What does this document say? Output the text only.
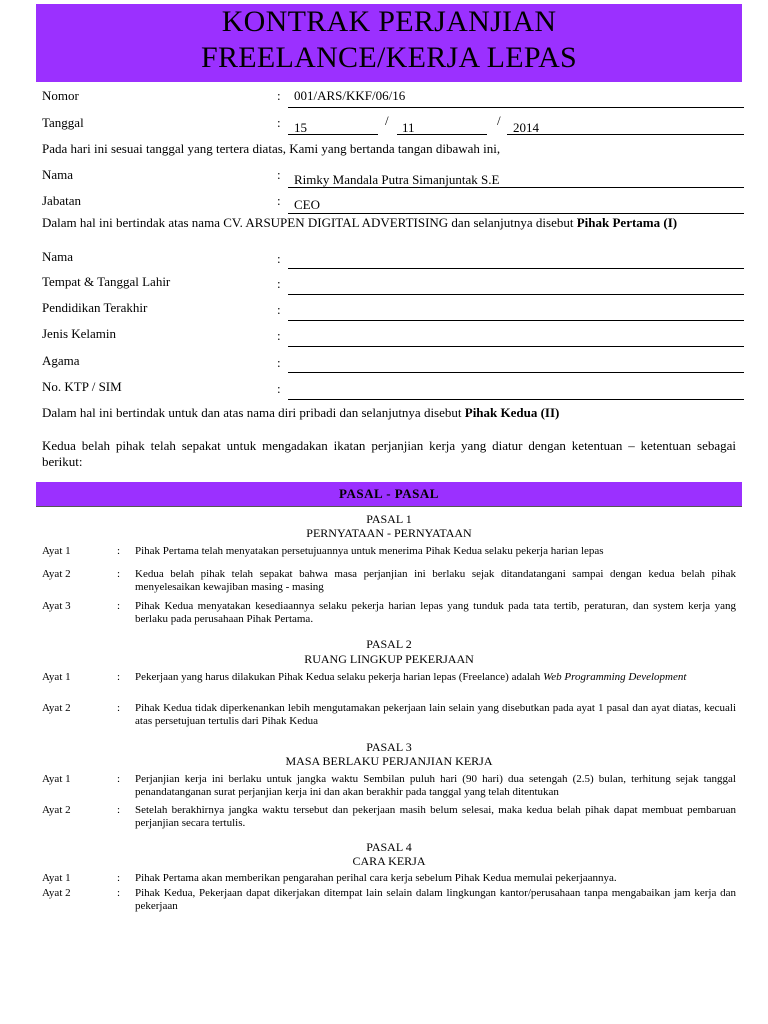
KONTRAK PERJANJIAN
FREELANCE/KERJA LEPAS
Nomor	: 001/ARS/KKF/06/16
Tanggal	: 15	/ 11	/ 2014
Pada hari ini sesuai tanggal yang tertera diatas, Kami yang bertanda tangan dibawah ini,
Nama	: Rimky Mandala Putra Simanjuntak S.E
Jabatan	: CEO
Dalam hal ini bertindak atas nama CV. ARSUPEN DIGITAL ADVERTISING dan selanjutnya disebut Pihak Pertama (I)
Nama	:
Tempat & Tanggal Lahir	:
Pendidikan Terakhir	:
Jenis Kelamin	:
Agama	:
No. KTP / SIM	:
Dalam hal ini bertindak untuk dan atas nama diri pribadi dan selanjutnya disebut Pihak Kedua (II)
Kedua belah pihak telah sepakat untuk mengadakan ikatan perjanjian kerja yang diatur dengan ketentuan – ketentuan sebagai berikut:
PASAL - PASAL
PASAL 1
PERNYATAAN - PERNYATAAN
Ayat 1	: Pihak Pertama telah menyatakan persetujuannya untuk menerima Pihak Kedua selaku pekerja harian lepas
Ayat 2	: Kedua belah pihak telah sepakat bahwa masa perjanjian ini berlaku sejak ditandatangani sampai dengan kedua belah pihak menyelesaikan kewajiban masing - masing
Ayat 3	: Pihak Kedua menyatakan kesediaannya selaku pekerja harian lepas yang tunduk pada tata tertib, peraturan, dan system kerja yang berlaku pada perusahaan Pihak Pertama.
PASAL 2
RUANG LINGKUP PEKERJAAN
Ayat 1	: Pekerjaan yang harus dilakukan Pihak Kedua selaku pekerja harian lepas (Freelance) adalah Web Programming Development
Ayat 2	: Pihak Kedua tidak diperkenankan lebih mengutamakan pekerjaan lain selain yang disebutkan pada ayat 1 pasal dan ayat diatas, kecuali atas persetujuan tertulis dari Pihak Kedua
PASAL 3
MASA BERLAKU PERJANJIAN KERJA
Ayat 1	: Perjanjian kerja ini berlaku untuk jangka waktu Sembilan puluh hari (90 hari) dua setengah (2.5) bulan, terhitung sejak tanggal penandatanganan surat perjanjian kerja ini dan akan berakhir pada tanggal yang telah ditentukan
Ayat 2	: Setelah berakhirnya jangka waktu tersebut dan pekerjaan masih belum selesai, maka kedua belah pihak dapat membuat pembaruan perjanjian secara tertulis.
PASAL 4
CARA KERJA
Ayat 1	: Pihak Pertama akan memberikan pengarahan perihal cara kerja sebelum Pihak Kedua memulai pekerjaannya.
Ayat 2	: Pihak Kedua, Pekerjaan dapat dikerjakan ditempat lain selain dalam lingkungan kantor/perusahaan tanpa mengabaikan jam kerja dan pekerjaan
